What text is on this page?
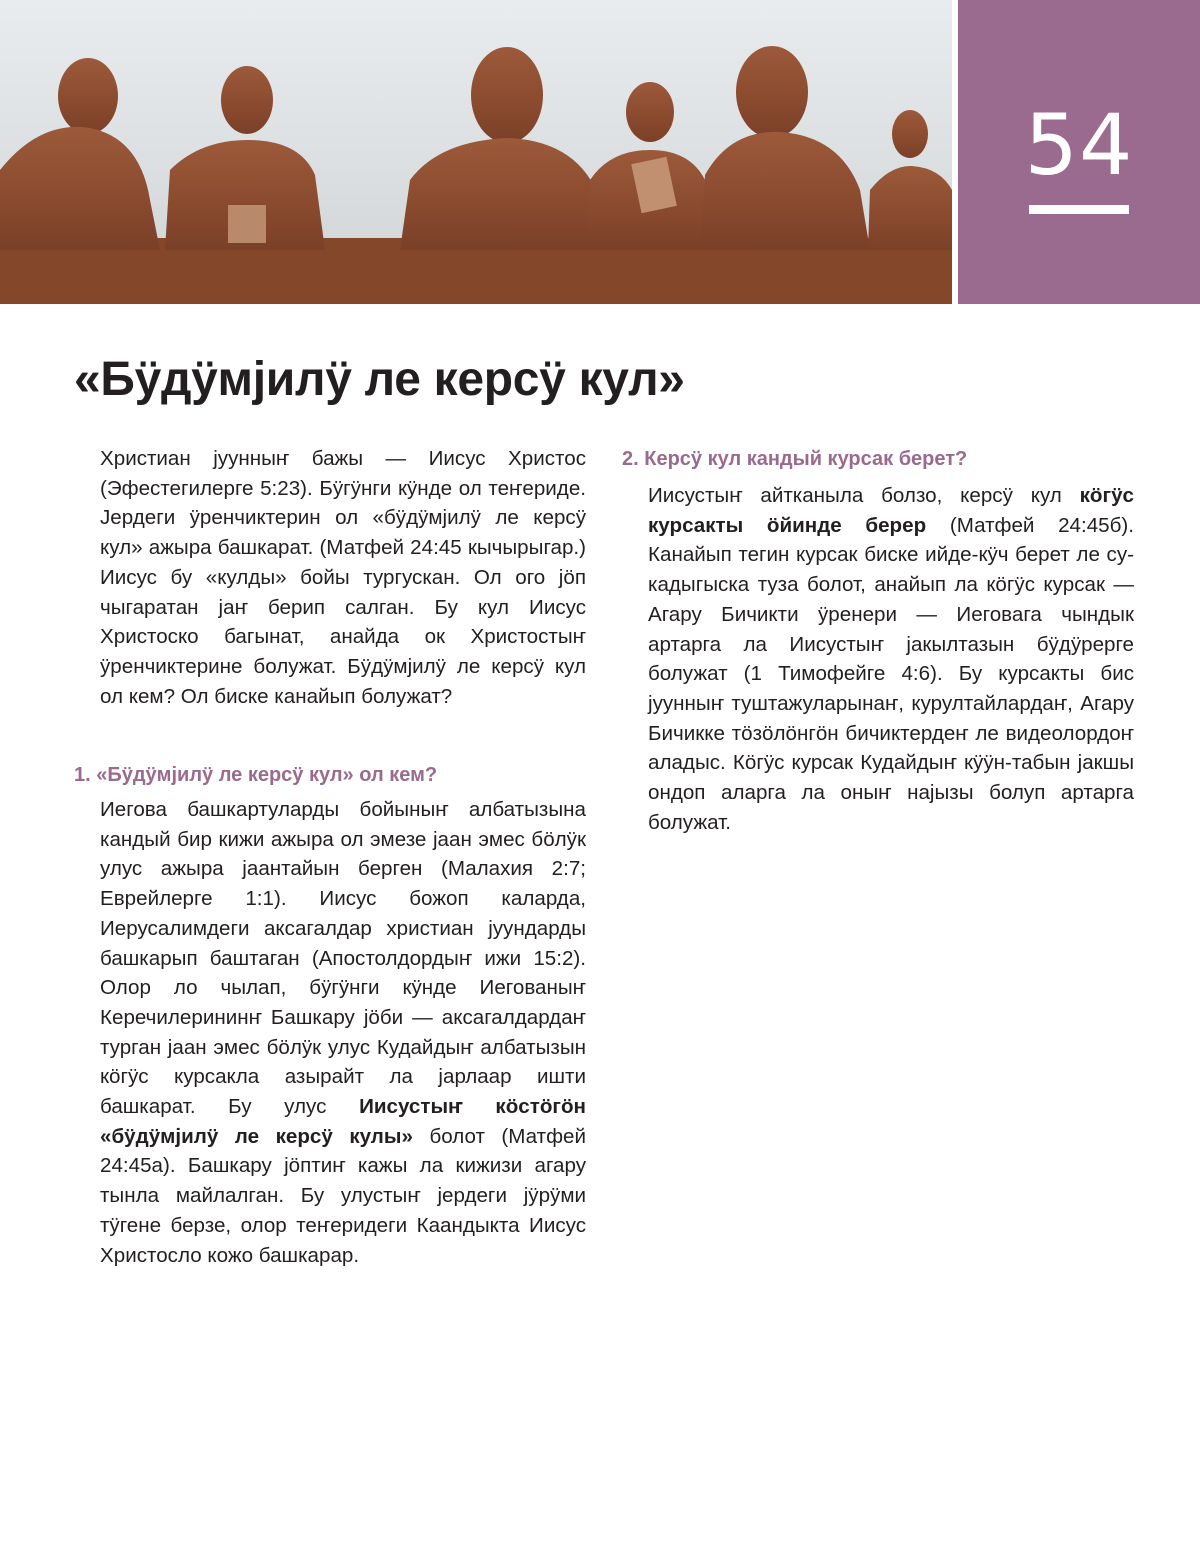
54
«Бӱдӱмјилӱ ле керсӱ кул»

Христиан јуунныҥ бажы — Иисус Христос (Эфестегилерге 5:23). Бӱгӱнги кӱнде ол теҥериде. Јердеги ӱренчиктерин ол «бӱдӱмјилӱ ле керсӱ кул» ажыра башкарат. (Матфей 24:45 кычырыгар.) Иисус бу «кулды» бойы тургускан. Ол ого јӧп чыгаратан јаҥ берип салган. Бу кул Иисус Христоско багынат, анайда ок Христостыҥ ӱренчиктерине болужат. Бӱдӱмјилӱ ле керсӱ кул ол кем? Ол биске канайып болужат?

1. «Бӱдӱмјилӱ ле керсӱ кул» ол кем?

Иегова башкартуларды бойыныҥ албатызына кандый бир кижи ажыра ол эмезе јаан эмес бӧлӱк улус ажыра јаантайын берген (Малахия 2:7; Еврейлерге 1:1). Иисус божоп каларда, Иерусалимдеги аксагалдар христиан јуундарды башкарып баштаган (Апостолдордыҥ ижи 15:2). Олор ло чылап, бӱгӱнги кӱнде Иегованыҥ Керечилерининҥ Башкару јӧби — аксагалдардаҥ турган јаан эмес бӧлӱк улус Кудайдыҥ албатызын кӧгӱс курсакла азырайт ла јарлаар ишти башкарат. Бу улус Иисустыҥ кӧстӧгӧн «бӱдӱмјилӱ ле керсӱ кулы» болот (Матфей 24:45а). Башкару јӧптиҥ кажы ла кижизи агару тынла майлалган. Бу улустыҥ јердеги јӱрӱми тӱгене берзе, олор теҥеридеги Каандыкта Иисус Христосло кожо башкарар.

2. Керсӱ кул кандый курсак берет?

Иисустыҥ айтканыла болзо, керсӱ кул кӧгӱс курсакты ӧйинде берер (Матфей 24:45б). Канайып тегин курсак биске ийде-кӱч берет ле су-кадыгыска туза болот, анайып ла кӧгӱс курсак — Агару Бичикти ӱренери — Иеговага чындык артарга ла Иисустыҥ јакылтазын бӱдӱрерге болужат (1 Тимофейге 4:6). Бу курсакты бис јуунныҥ туштажуларынаҥ, курултайлардаҥ, Агару Бичикке тӧзӧлӧнгӧн бичиктердеҥ ле видеолордоҥ аладыс. Кӧгӱс курсак Кудайдыҥ кӱӱн-табын јакшы ондоп аларга ла оныҥ најызы болуп артарга болужат.
